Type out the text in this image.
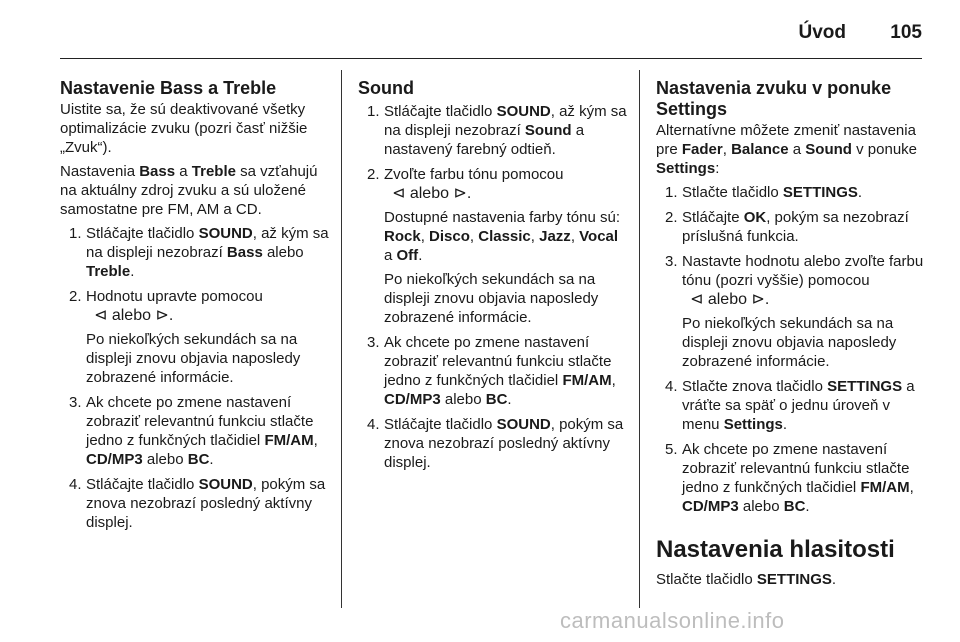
Úvod 105
Nastavenie Bass a Treble

Uistite sa, že sú deaktivované všetky optimalizácie zvuku (pozri časť nižšie „Zvuk“).

Nastavenia Bass a Treble sa vzťahujú na aktuálny zdroj zvuku a sú uložené samostatne pre FM, AM a CD.

1. Stláčajte tlačidlo SOUND, až kým sa na displeji nezobrazí Bass alebo Treble.
2. Hodnotu upravte pomocou
⊲ alebo ⊳.

Po niekoľkých sekundách sa na displeji znovu objavia naposledy zobrazené informácie.

3. Ak chcete po zmene nastavení zobraziť relevantnú funkciu stlačte jedno z funkčných tlačidiel FM/AM, CD/MP3 alebo BC.
4. Stláčajte tlačidlo SOUND, pokým sa znova nezobrazí posledný aktívny displej.
Sound
1. Stláčajte tlačidlo SOUND, až kým sa na displeji nezobrazí Sound a nastavený farebný odtieň.
2. Zvoľte farbu tónu pomocou
⊲ alebo ⊳.

Dostupné nastavenia farby tónu sú: Rock, Disco, Classic, Jazz, Vocal a Off.

Po niekoľkých sekundách sa na displeji znovu objavia naposledy zobrazené informácie.

3. Ak chcete po zmene nastavení zobraziť relevantnú funkciu stlačte jedno z funkčných tlačidiel FM/AM, CD/MP3 alebo BC.
4. Stláčajte tlačidlo SOUND, pokým sa znova nezobrazí posledný aktívny displej.
Nastavenia zvuku v ponuke Settings

Alternatívne môžete zmeniť nastavenia pre Fader, Balance a Sound v ponuke Settings:

1. Stlačte tlačidlo SETTINGS.
2. Stláčajte OK, pokým sa nezobrazí príslušná funkcia.
3. Nastavte hodnotu alebo zvoľte farbu tónu (pozri vyššie) pomocou
⊲ alebo ⊳.

Po niekoľkých sekundách sa na displeji znovu objavia naposledy zobrazené informácie.

4. Stlačte znova tlačidlo SETTINGS a vráťte sa späť o jednu úroveň v menu Settings.
5. Ak chcete po zmene nastavení zobraziť relevantnú funkciu stlačte jedno z funkčných tlačidiel FM/AM, CD/MP3 alebo BC.
Nastavenia hlasitosti

Stlačte tlačidlo SETTINGS.

carmanualsonline.info
